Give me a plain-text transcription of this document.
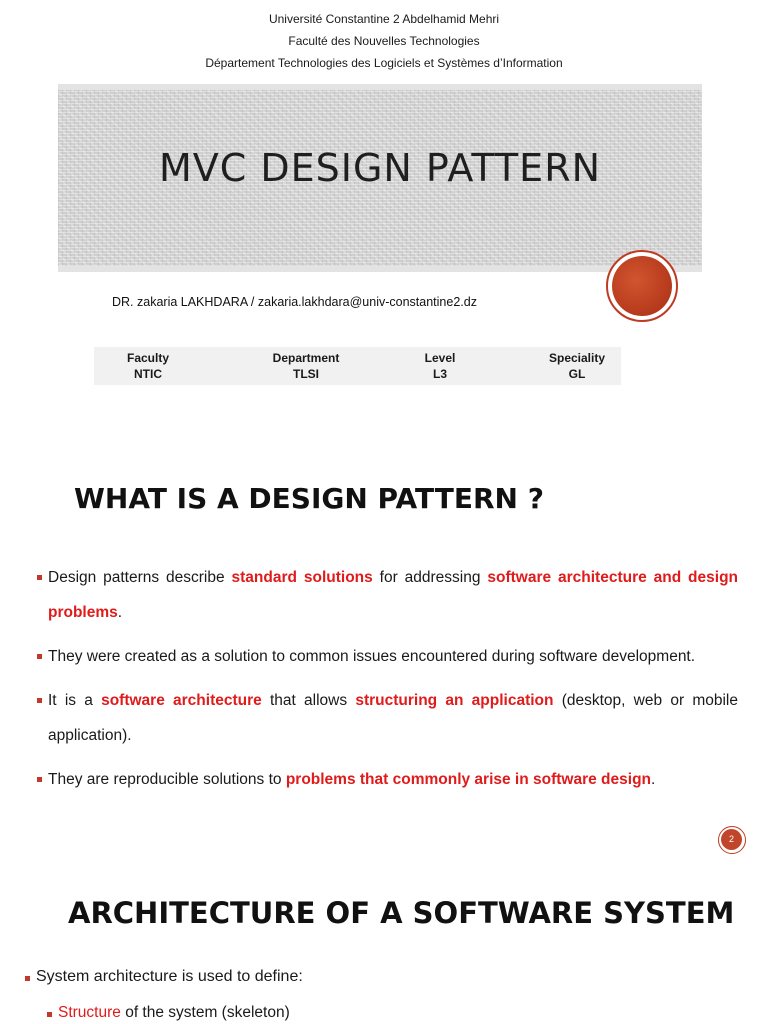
Université Constantine 2 Abdelhamid Mehri
Faculté des Nouvelles Technologies
Département Technologies des Logiciels et Systèmes d’Information
MVC DESIGN PATTERN
DR. zakaria LAKHDARA / zakaria.lakhdara@univ-constantine2.dz
Faculty
NTIC
Department
TLSI
Level
L3
Speciality
GL
WHAT IS A DESIGN PATTERN ?
Design patterns describe standard solutions for addressing software architecture and design problems.
They were created as a solution to common issues encountered during software development.
It is a software architecture that allows structuring an application (desktop, web or mobile application).
They are reproducible solutions to problems that commonly arise in software design.
2
ARCHITECTURE OF A SOFTWARE SYSTEM
System architecture is used to define:
Structure of the system (skeleton)
